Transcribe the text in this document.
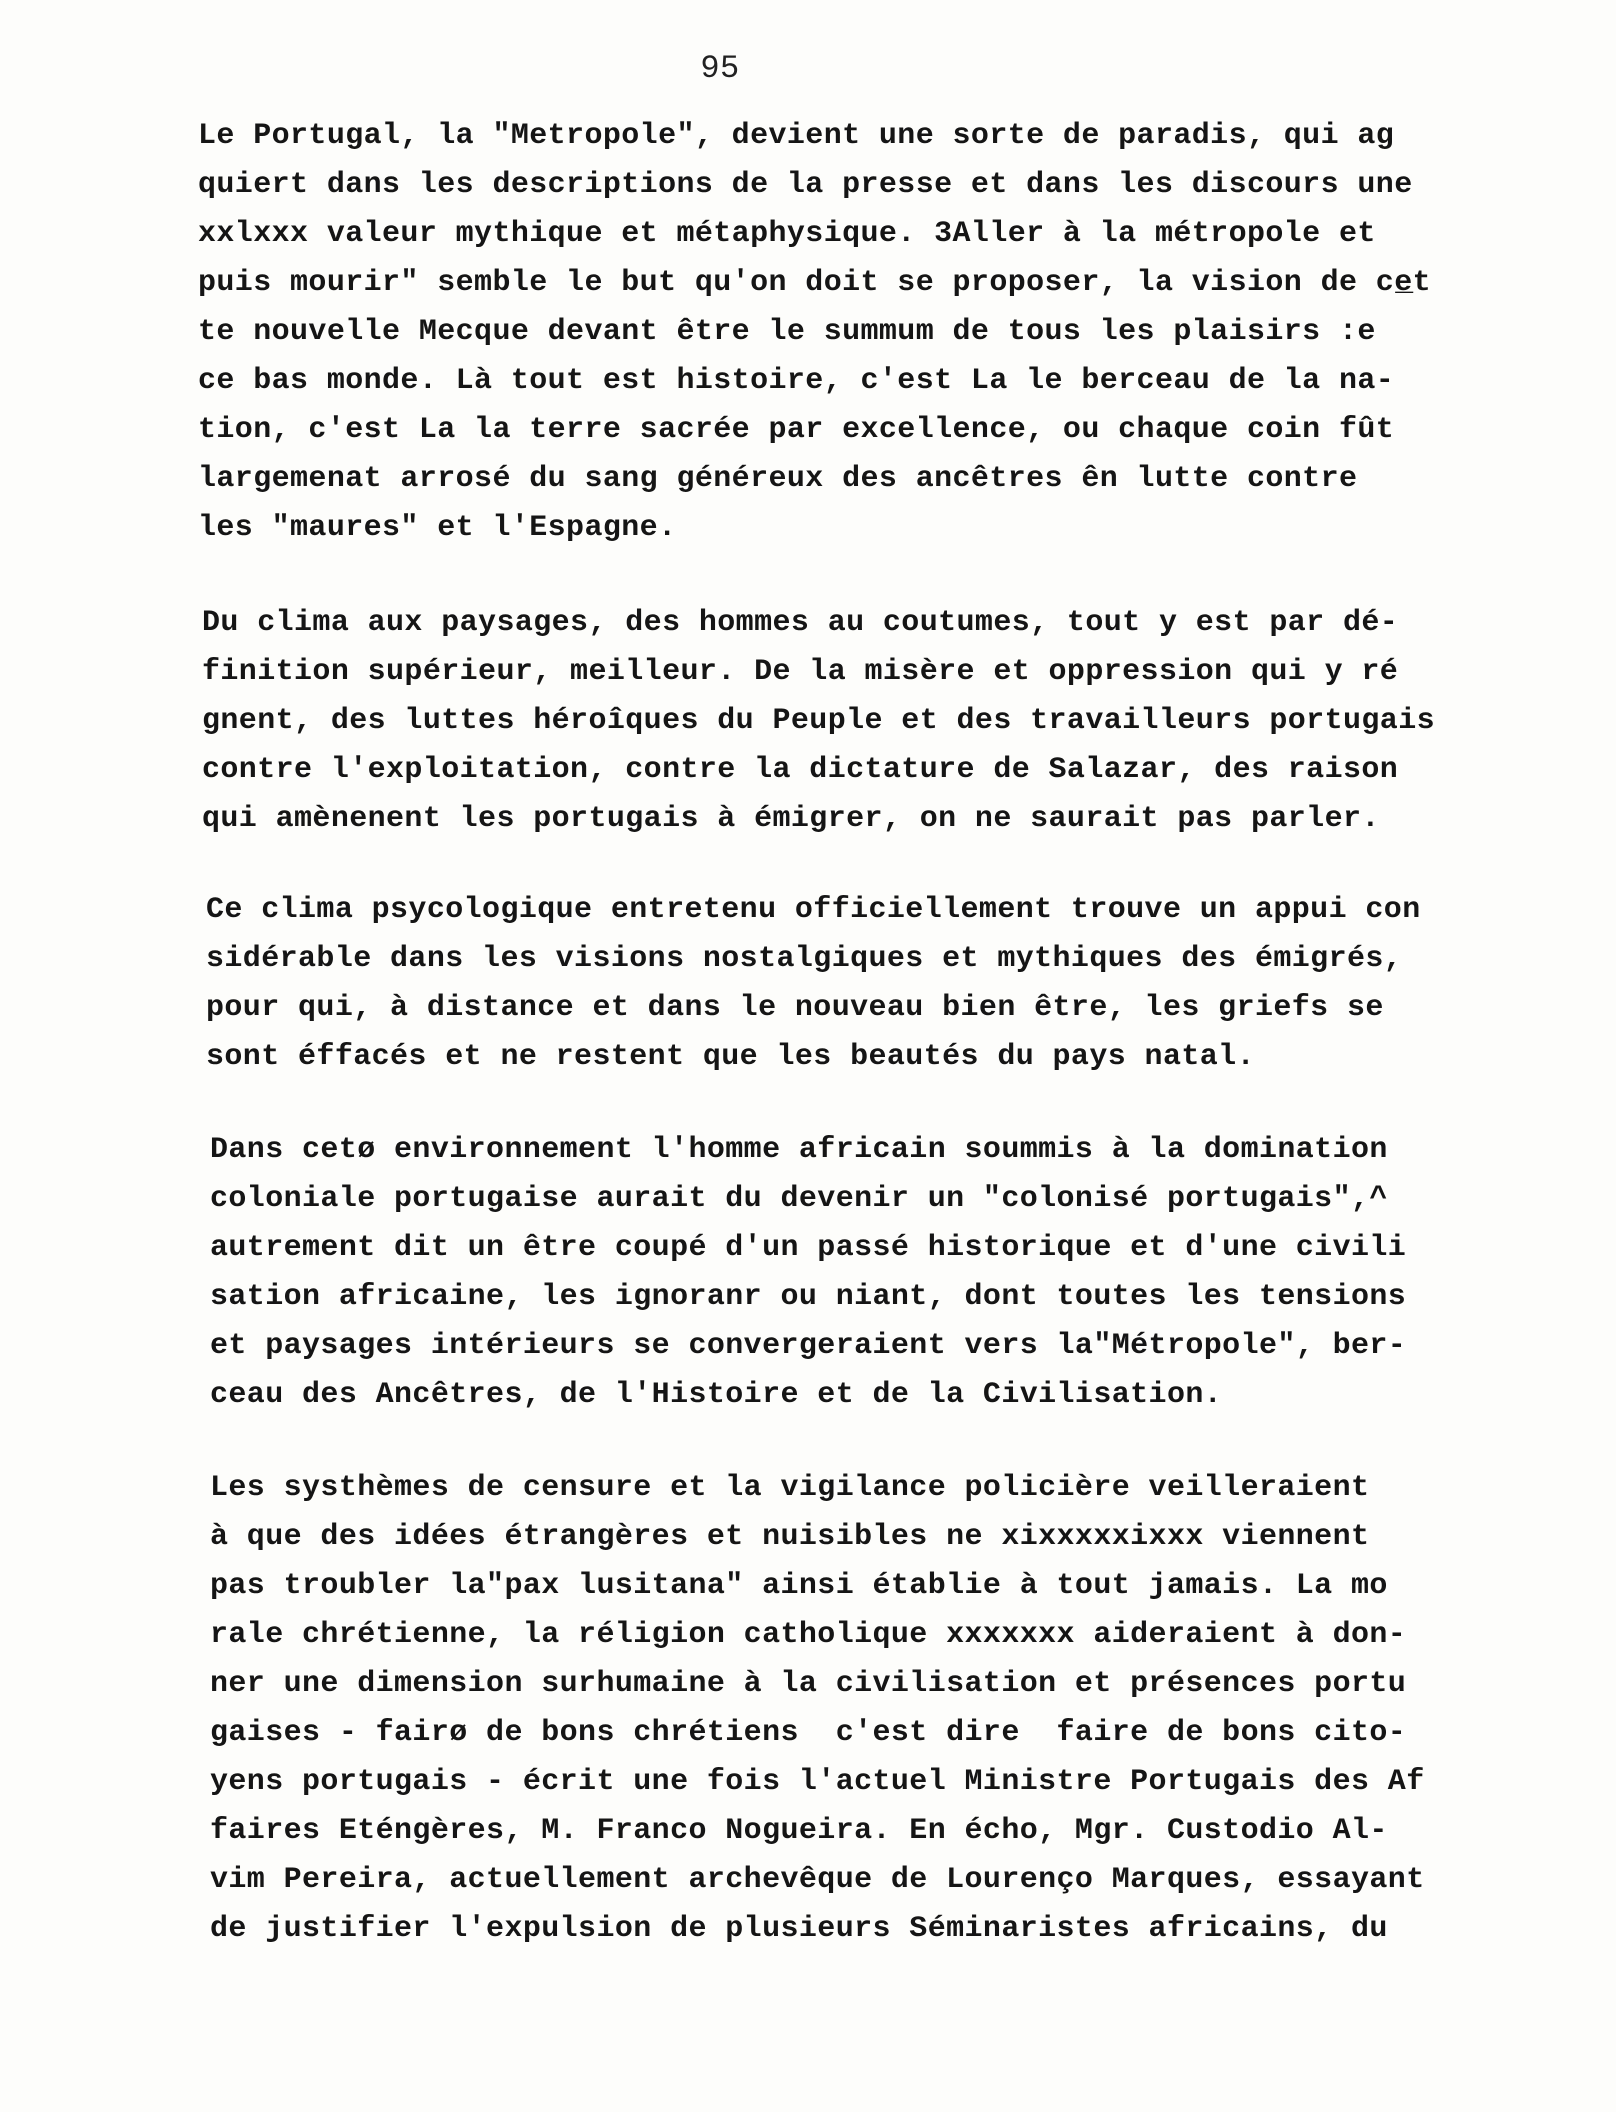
95
Le Portugal, la "Metropole", devient une sorte de paradis, qui ag
quiert dans les descriptions de la presse et dans les discours une
xxlxxx valeur mythique et métaphysique. 3Aller à la métropole et
puis mourir" semble le but qu'on doit se proposer, la vision de ce̲t
te nouvelle Mecque devant être le summum de tous les plaisirs :e
ce bas monde. Là tout est histoire, c'est La le berceau de la na-
tion, c'est La la terre sacrée par excellence, ou chaque coin fût
largemenat arrosé du sang généreux des ancêtres ên lutte contre
les "maures" et l'Espagne.
Du clima aux paysages, des hommes au coutumes, tout y est par dé-
finition supérieur, meilleur. De la misère et oppression qui y ré
gnent, des luttes héroîques du Peuple et des travailleurs portugais
contre l'exploitation, contre la dictature de Salazar, des raison
qui amènenent les portugais à émigrer, on ne saurait pas parler.
Ce clima psycologique entretenu officiellement trouve un appui con
sidérable dans les visions nostalgiques et mythiques des émigrés,
pour qui, à distance et dans le nouveau bien être, les griefs se
sont éffacés et ne restent que les beautés du pays natal.
Dans cetø environnement l'homme africain soummis à la domination
coloniale portugaise aurait du devenir un "colonisé portugais",^
autrement dit un être coupé d'un passé historique et d'une civili
sation africaine, les ignoranr ou niant, dont toutes les tensions
et paysages intérieurs se convergeraient vers la"Métropole", ber-
ceau des Ancêtres, de l'Histoire et de la Civilisation.
Les systhèmes de censure et la vigilance policière veilleraient
à que des idées étrangères et nuisibles ne xixxxxxixxx viennent
pas troubler la"pax lusitana" ainsi établie à tout jamais. La mo
rale chrétienne, la réligion catholique xxxxxxx aideraient à don-
ner une dimension surhumaine à la civilisation et présences portu
gaises - fairø de bons chrétiens  c'est dire  faire de bons cito-
yens portugais - écrit une fois l'actuel Ministre Portugais des Af
faires Eténgères, M. Franco Nogueira. En écho, Mgr. Custodio Al-
vim Pereira, actuellement archevêque de Lourenço Marques, essayant
de justifier l'expulsion de plusieurs Séminaristes africains, du
